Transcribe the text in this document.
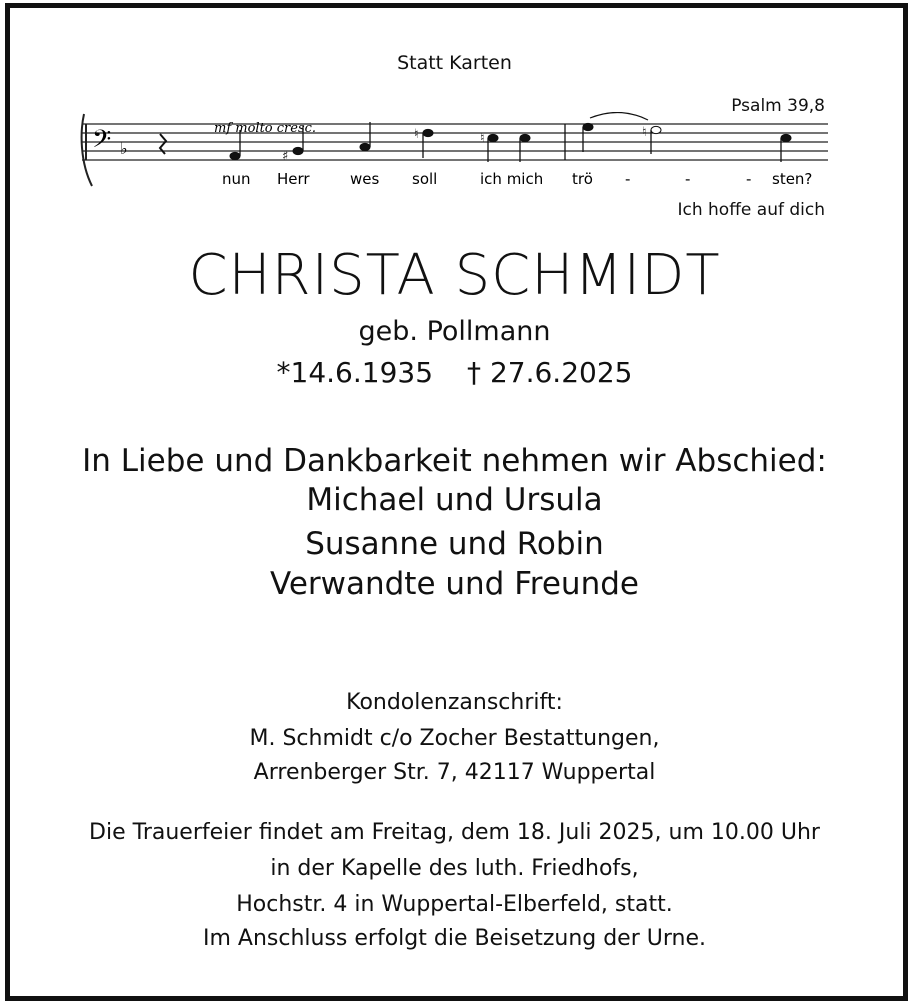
Statt Karten
Psalm 39,8
𝄢 ♭
mf molto cresc.
♯
♮	♮	♮
nun Herr	wes soll	ich mich trö -	-	- sten?
Ich hoffe auf dich
CHRISTA SCHMIDT
geb. Pollmann
*14.6.1935 † 27.6.2025
In Liebe und Dankbarkeit nehmen wir Abschied:
Michael und Ursula
Susanne und Robin
Verwandte und Freunde
Kondolenzanschrift:
M. Schmidt c/o Zocher Bestattungen,
Arrenberger Str. 7, 42117 Wuppertal
Die Trauerfeier findet am Freitag, dem 18. Juli 2025, um 10.00 Uhr
in der Kapelle des luth. Friedhofs,
Hochstr. 4 in Wuppertal-Elberfeld, statt.
Im Anschluss erfolgt die Beisetzung der Urne.
